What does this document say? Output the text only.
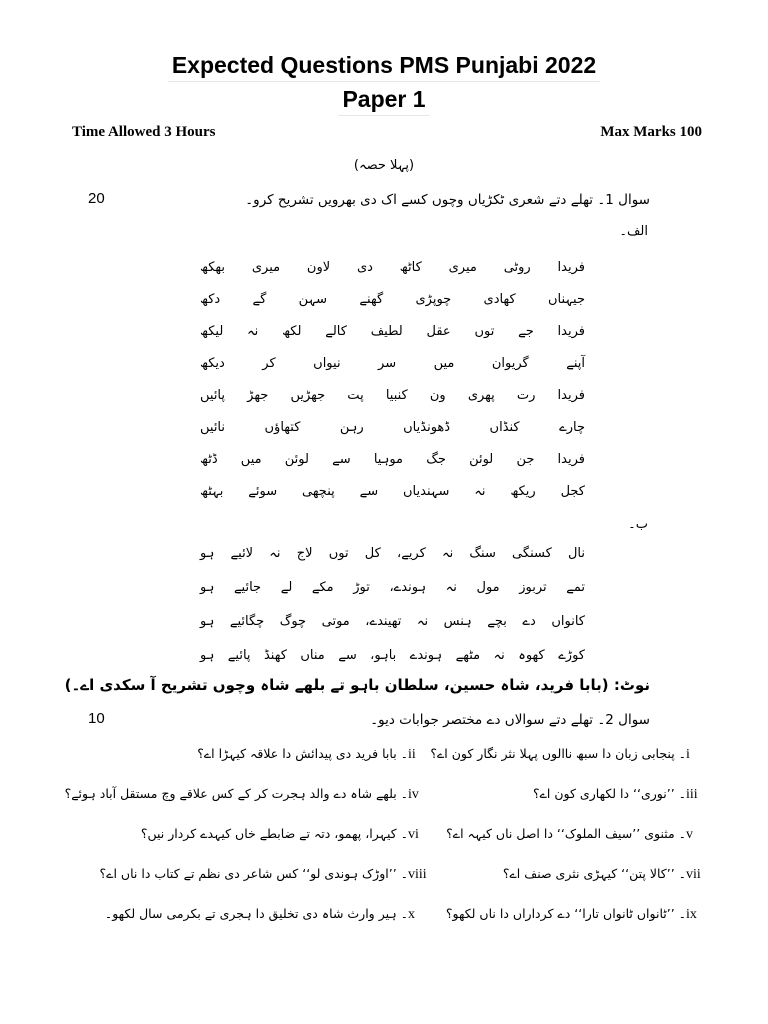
Expected Questions PMS Punjabi 2022
Paper 1
Time Allowed 3 Hours	Max Marks 100
(پہلا حصہ)
سوال 1۔ تھلے دتے شعری ٹکڑیاں وچوں کسے اک دی بھرویں تشریح کرو۔
20
الف۔
فریدا روٹی میری کاٹھ دی لاون میری بھکھ
جیہناں کھادی چوپڑی گھنے سہن گے دکھ
فریدا جے توں عقل لطیف کالے لکھ نہ لیکھ
آپنے گریوان میں سر نیواں کر دیکھ
فریدا رت پھری ون کنبیا پت جھڑیں جھڑ پائیں
چارے کنڈاں ڈھونڈیاں رہن کتھاؤں نائیں
فریدا جن لوئن جگ موہیا سے لوئن میں ڈٹھ
کجل ریکھ نہ سہندیاں سے پنچھی سوئے بہٹھ
ب۔
نال کسنگی سنگ نہ کریے، کل توں لاج نہ لائیے ہو
تمے تربوز مول نہ ہوندے، توڑ مکے لے جائیے ہو
کانواں دے بچے ہنس نہ تھیندے، موتی چوگ چگائیے ہو
کوڑے کھوہ نہ مٹھے ہوندے باہو، سے مناں کھنڈ پائیے ہو
نوٹ: (بابا فرید، شاہ حسین، سلطان باہو تے بلھے شاہ وچوں تشریح آ سکدی اے۔)
سوال 2۔ تھلے دتے سوالاں دے مختصر جوابات دیو۔
10
i۔ پنجابی زبان دا سبھ ناالوں پہلا نثر نگار کون اے؟
ii۔ بابا فرید دی پیدائش دا علاقہ کیہڑا اے؟
iii۔ ’’نوری‘‘ دا لکھاری کون اے؟
iv۔ بلھے شاہ دے والد ہجرت کر کے کس علاقے وچ مستقل آباد ہوئے؟
v۔ مثنوی ’’سیف الملوک‘‘ دا اصل ناں کیہہ اے؟
vi۔ کیہرا، پھمو، دتہ تے ضابطے خاں کیہدے کردار نیں؟
vii۔ ’’کالا پتن‘‘ کیہڑی نثری صنف اے؟
viii۔ ’’اوڑک ہوندی لو‘‘ کس شاعر دی نظم تے کتاب دا ناں اے؟
ix۔ ’’ٹانواں ٹانواں تارا‘‘ دے کرداراں دا ناں لکھو؟
x۔ ہیر وارث شاہ دی تخلیق دا ہجری تے بکرمی سال لکھو۔
